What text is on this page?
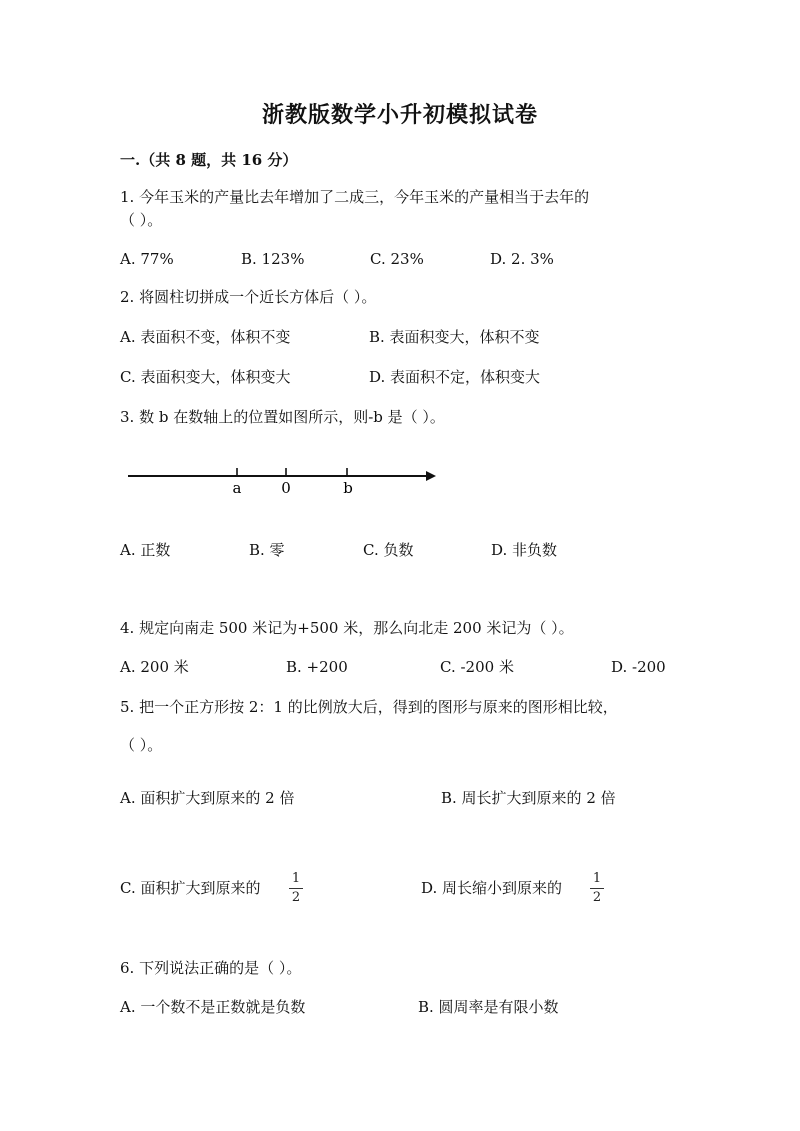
浙教版数学小升初模拟试卷
一.（共 8 题，共 16 分）
1. 今年玉米的产量比去年增加了二成三，今年玉米的产量相当于去年的
（ ）。
A. 77%	B. 123%	C. 23%	D. 2. 3%
2. 将圆柱切拼成一个近长方体后（ ）。
A. 表面积不变，体积不变	B. 表面积变大，体积不变
C. 表面积变大，体积变大	D. 表面积不定，体积变大
3. 数 b 在数轴上的位置如图所示，则-b 是（ ）。
a	0	b
A. 正数	B. 零	C. 负数	D. 非负数
4. 规定向南走 500 米记为+500 米，那么向北走 200 米记为（ ）。
A. 200 米	B. +200	C. -200 米	D. -200
5. 把一个正方形按 2：1 的比例放大后，得到的图形与原来的图形相比较，
（ ）。
A. 面积扩大到原来的 2 倍	B. 周长扩大到原来的 2 倍
C. 面积扩大到原来的
1
2
D. 周长缩小到原来的
1
2
6. 下列说法正确的是（ ）。
A. 一个数不是正数就是负数	B. 圆周率是有限小数
